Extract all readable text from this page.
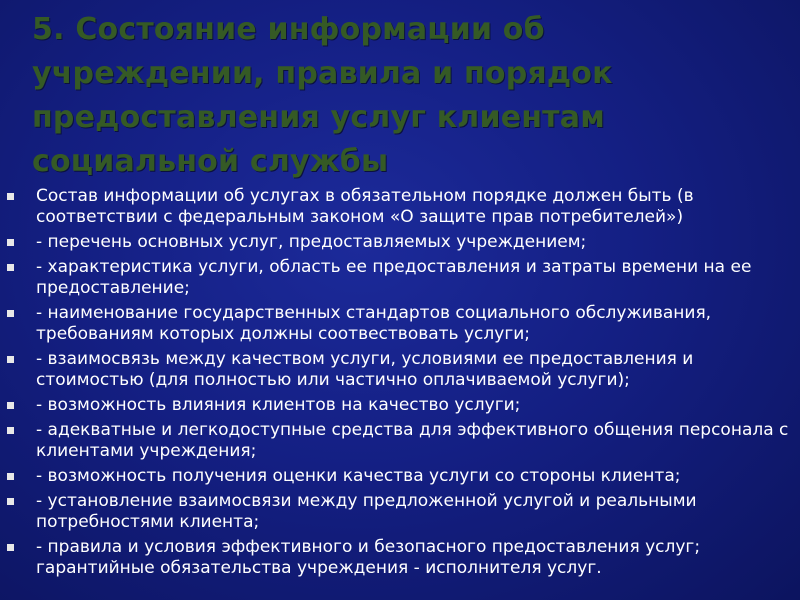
5. Состояние информации об учреждении, правила и порядок предоставления услуг клиентам социальной службы
Состав информации об услугах в обязательном порядке должен быть (в соответствии с федеральным законом «О защите прав потребителей»)
- перечень основных услуг, предоставляемых учреждением;
- характеристика услуги, область ее предоставления и затраты времени на ее предоставление;
- наименование государственных стандартов социального обслуживания, требованиям которых должны соотвествовать услуги;
- взаимосвязь между качеством услуги, условиями ее предоставления и стоимостью (для полностью или частично оплачиваемой услуги);
- возможность влияния клиентов на качество услуги;
- адекватные и легкодоступные средства для эффективного общения персонала с клиентами учреждения;
- возможность получения оценки качества услуги со стороны клиента;
- установление взаимосвязи между предложенной услугой и реальными потребностями клиента;
- правила и условия эффективного и безопасного предоставления услуг; гарантийные обязательства учреждения - исполнителя услуг.
